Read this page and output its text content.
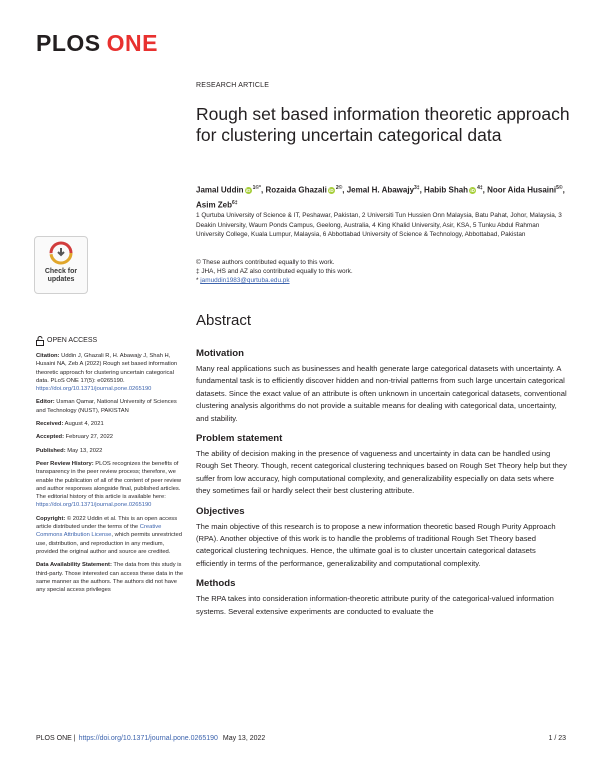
PLOS ONE
RESEARCH ARTICLE
Rough set based information theoretic approach for clustering uncertain categorical data
Jamal Uddin iD $^{1©*}$, Rozaida Ghazali iD $^{2©}$, Jemal H. Abawajy$^{3\ddagger}$, Habib Shah iD $^{4\ddagger}$, Noor Aida Husaini$^{5©}$, Asim Zeb$^{6\ddagger}$
1 Qurtuba University of Science & IT, Peshawar, Pakistan, 2 Universiti Tun Hussien Onn Malaysia, Batu Pahat, Johor, Malaysia, 3 Deakin University, Waurn Ponds Campus, Geelong, Australia, 4 King Khalid University, Asir, KSA, 5 Tunku Abdul Rahman University College, Kuala Lumpur, Malaysia, 6 Abbottabad University of Science & Technology, Abbottabad, Pakistan
© These authors contributed equally to this work.
‡ JHA, HS and AZ also contributed equally to this work.
* jamuddin1983@qurtuba.edu.pk
Check for
updates
OPEN ACCESS
Citation: Uddin J, Ghazali R, H. Abawajy J, Shah H, Husaini NA, Zeb A (2022) Rough set based information theoretic approach for clustering uncertain categorical data. PLoS ONE 17(5): e0265190. https://doi.org/10.1371/journal.pone.0265190
Editor: Usman Qamar, National University of Sciences and Technology (NUST), PAKISTAN
Received: August 4, 2021
Accepted: February 27, 2022
Published: May 13, 2022
Peer Review History: PLOS recognizes the benefits of transparency in the peer review process; therefore, we enable the publication of all of the content of peer review and author responses alongside final, published articles. The editorial history of this article is available here: https://doi.org/10.1371/journal.pone.0265190
Copyright: © 2022 Uddin et al. This is an open access article distributed under the terms of the Creative Commons Attribution License, which permits unrestricted use, distribution, and reproduction in any medium, provided the original author and source are credited.
Data Availability Statement: The data from this study is third-party. Those interested can access these data in the same manner as the authors. The authors did not have any special access privileges
Abstract
Motivation

Many real applications such as businesses and health generate large categorical datasets with uncertainty. A fundamental task is to efficiently discover hidden and non-trivial patterns from such large uncertain categorical datasets. Since the exact value of an attribute is often unknown in uncertain categorical datasets, conventional clustering analysis algorithms do not provide a suitable means for dealing with categorical data, uncertainty, and stability.

Problem statement

The ability of decision making in the presence of vagueness and uncertainty in data can be handled using Rough Set Theory. Though, recent categorical clustering techniques based on Rough Set Theory help but they suffer from low accuracy, high computational complexity, and generalizability especially on data sets where they sometimes fail or hardly select their best clustering attribute.

Objectives

The main objective of this research is to propose a new information theoretic based Rough Purity Approach (RPA). Another objective of this work is to handle the problems of traditional Rough Set Theory based categorical clustering techniques. Hence, the ultimate goal is to cluster uncertain categorical datasets efficiently in terms of the performance, generalizability and computational complexity.

Methods

The RPA takes into consideration information-theoretic attribute purity of the categorical-valued information systems. Several extensive experiments are conducted to evaluate the

PLOS ONE | https://doi.org/10.1371/journal.pone.0265190
May 13, 2022	1 / 23
